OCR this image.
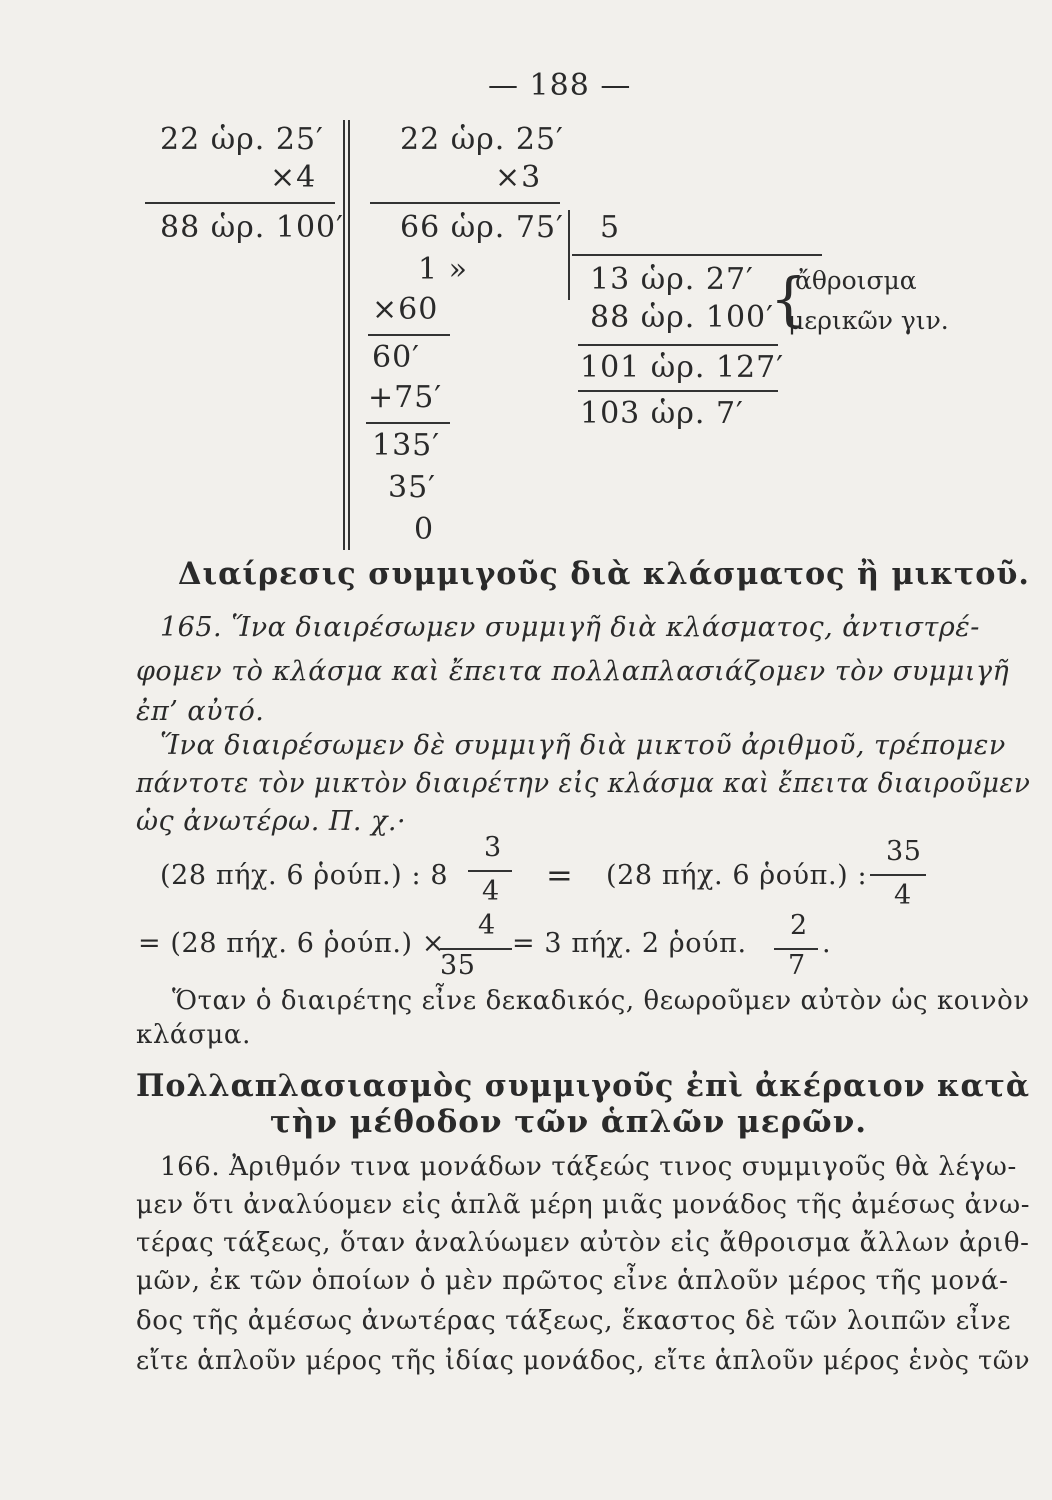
— 188 —
22 ὡρ. 25′
×4
88 ὡρ. 100′
22 ὡρ. 25′
×3
66 ὡρ. 75′
1 »
×60
60′
+75′
135′
35′
0
5
13 ὡρ. 27′
88 ὡρ. 100′
{
ἄθροισμα
μερικῶν γιν.
101 ὡρ. 127′
103 ὡρ. 7′
Διαίρεσις συμμιγοῦς διὰ κλάσματος ἢ μικτοῦ.
165. Ἵνα διαιρέσωμεν συμμιγῆ διὰ κλάσματος, ἀντιστρέ-
φομεν τὸ κλάσμα καὶ ἔπειτα πολλαπλασιάζομεν τὸν συμμιγῆ
ἐπ’ αὐτό.
Ἵνα διαιρέσωμεν δὲ συμμιγῆ διὰ μικτοῦ ἀριθμοῦ, τρέπομεν
πάντοτε τὸν μικτὸν διαιρέτην εἰς κλάσμα καὶ ἔπειτα διαιροῦμεν
ὡς ἀνωτέρω. Π. χ.·
(28 πήχ. 6 ῥούπ.) : 8
3
4 = (28 πήχ. 6 ῥούπ.) :
35
4
= (28 πήχ. 6 ῥούπ.) ×
4
35
= 3 πήχ. 2 ῥούπ.
2
7
.
Ὅταν ὁ διαιρέτης εἶνε δεκαδικός, θεωροῦμεν αὐτὸν ὡς κοινὸν
κλάσμα.
Πολλαπλασιασμὸς συμμιγοῦς ἐπὶ ἀκέραιον κατὰ
τὴν μέθοδον τῶν ἁπλῶν μερῶν.
166. Ἀριθμόν τινα μονάδων τάξεώς τινος συμμιγοῦς θὰ λέγω-
μεν ὅτι ἀναλύομεν εἰς ἁπλᾶ μέρη μιᾶς μονάδος τῆς ἀμέσως ἀνω-
τέρας τάξεως, ὅταν ἀναλύωμεν αὐτὸν εἰς ἄθροισμα ἄλλων ἀριθ-
μῶν, ἐκ τῶν ὁποίων ὁ μὲν πρῶτος εἶνε ἁπλοῦν μέρος τῆς μονά-
δος τῆς ἀμέσως ἀνωτέρας τάξεως, ἕκαστος δὲ τῶν λοιπῶν εἶνε
εἴτε ἁπλοῦν μέρος τῆς ἰδίας μονάδος, εἴτε ἁπλοῦν μέρος ἑνὸς τῶν
